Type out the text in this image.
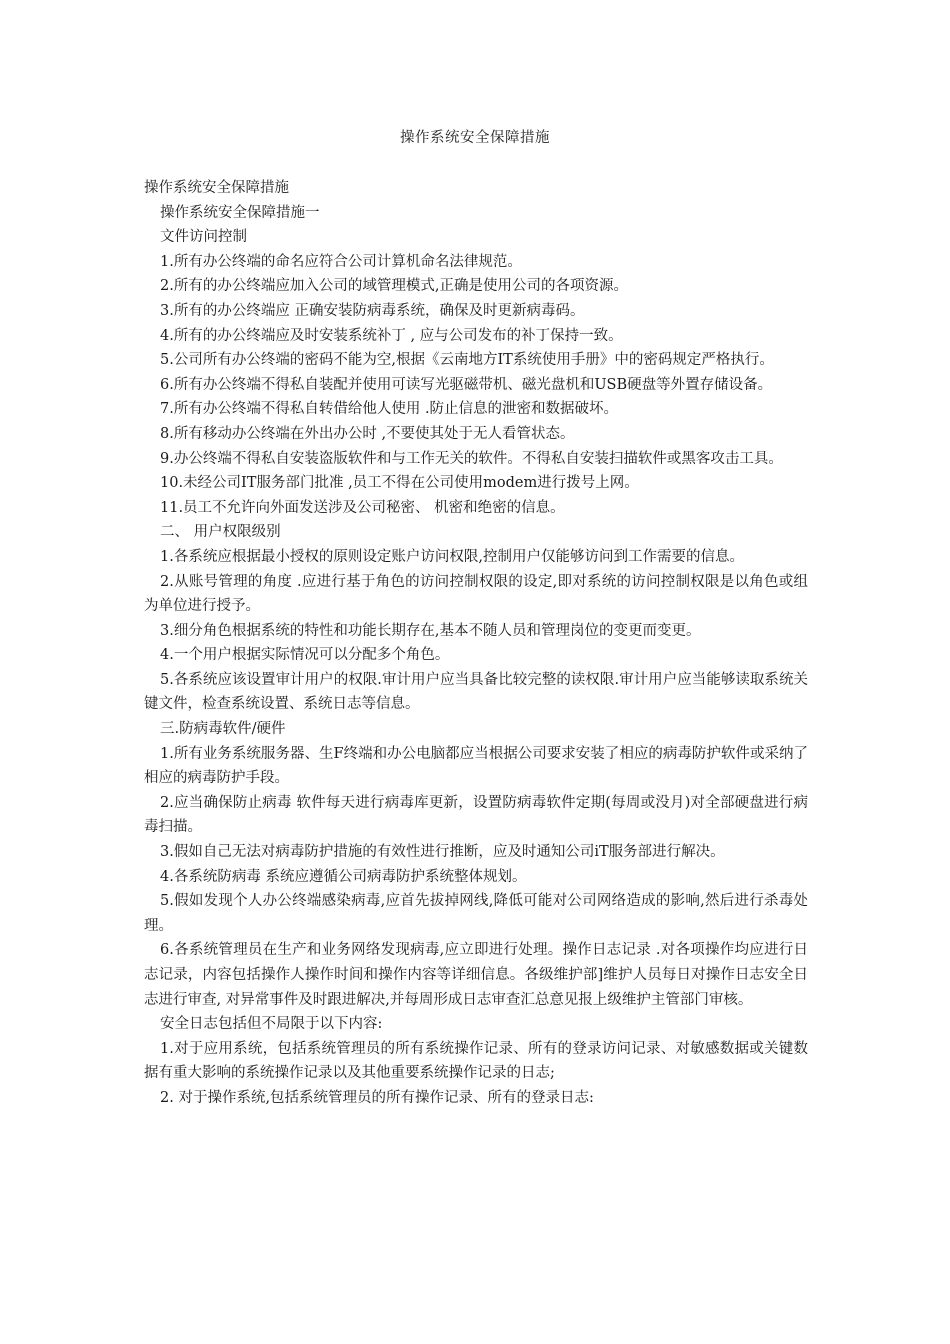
操作系统安全保障措施

操作系统安全保障措施

操作系统安全保障措施一

文件访问控制

1.所有办公终端的命名应符合公司计算机命名法律规范。

2.所有的办公终端应加入公司的域管理模式,正确是使用公司的各项资源。

3.所有的办公终端应 正确安装防病毒系统，确保及时更新病毒码。

4.所有的办公终端应及时安装系统补丁 , 应与公司发布的补丁保持一致。

5.公司所有办公终端的密码不能为空,根据《云南地方IT系统使用手册》中的密码规定严格执行。

6.所有办公终端不得私自装配并使用可读写光驱磁带机、磁光盘机和USB硬盘等外置存储设备。

7.所有办公终端不得私自转借给他人使用 .防止信息的泄密和数据破坏。

8.所有移动办公终端在外出办公时 ,不要使其处于无人看管状态。

9.办公终端不得私自安装盗版软件和与工作无关的软件。不得私自安装扫描软件或黑客攻击工具。

10.未经公司IT服务部门批准 ,员工不得在公司使用modem进行拨号上网。

11.员工不允许向外面发送涉及公司秘密、 机密和绝密的信息。

二、 用户权限级别

1.各系统应根据最小授权的原则设定账户访问权限,控制用户仅能够访问到工作需要的信息。

2.从账号管理的角度 .应进行基于角色的访问控制权限的设定,即对系统的访问控制权限是以角色或组为单位进行授予。

3.细分角色根据系统的特性和功能长期存在,基本不随人员和管理岗位的变更而变更。

4.一个用户根据实际情况可以分配多个角色。

5.各系统应该设置审计用户的权限.审计用户应当具备比较完整的读权限.审计用户应当能够读取系统关键文件，检查系统设置、系统日志等信息。

三.防病毒软件/硬件

1.所有业务系统服务器、生F终端和办公电脑都应当根据公司要求安装了相应的病毒防护软件或采纳了相应的病毒防护手段。

2.应当确保防止病毒 软件每天进行病毒库更新，设置防病毒软件定期(每周或没月)对全部硬盘进行病毒扫描。

3.假如自己无法对病毒防护措施的有效性进行推断，应及时通知公司iT服务部进行解决。

4.各系统防病毒 系统应遵循公司病毒防护系统整体规划。

5.假如发现个人办公终端感染病毒,应首先拔掉网线,降低可能对公司网络造成的影响,然后进行杀毒处理。

6.各系统管理员在生产和业务网络发现病毒,应立即进行处理。操作日志记录 .对各项操作均应进行日志记录，内容包括操作人操作时间和操作内容等详细信息。各级维护部]维护人员每日对操作日志安全日志进行审查, 对异常事件及时跟进解决,并每周形成日志审查汇总意见报上级维护主管部门审核。

安全日志包括但不局限于以下内容:

1.对于应用系统，包括系统管理员的所有系统操作记录、所有的登录访问记录、对敏感数据或关键数据有重大影响的系统操作记录以及其他重要系统操作记录的日志;

2. 对于操作系统,包括系统管理员的所有操作记录、所有的登录日志:
